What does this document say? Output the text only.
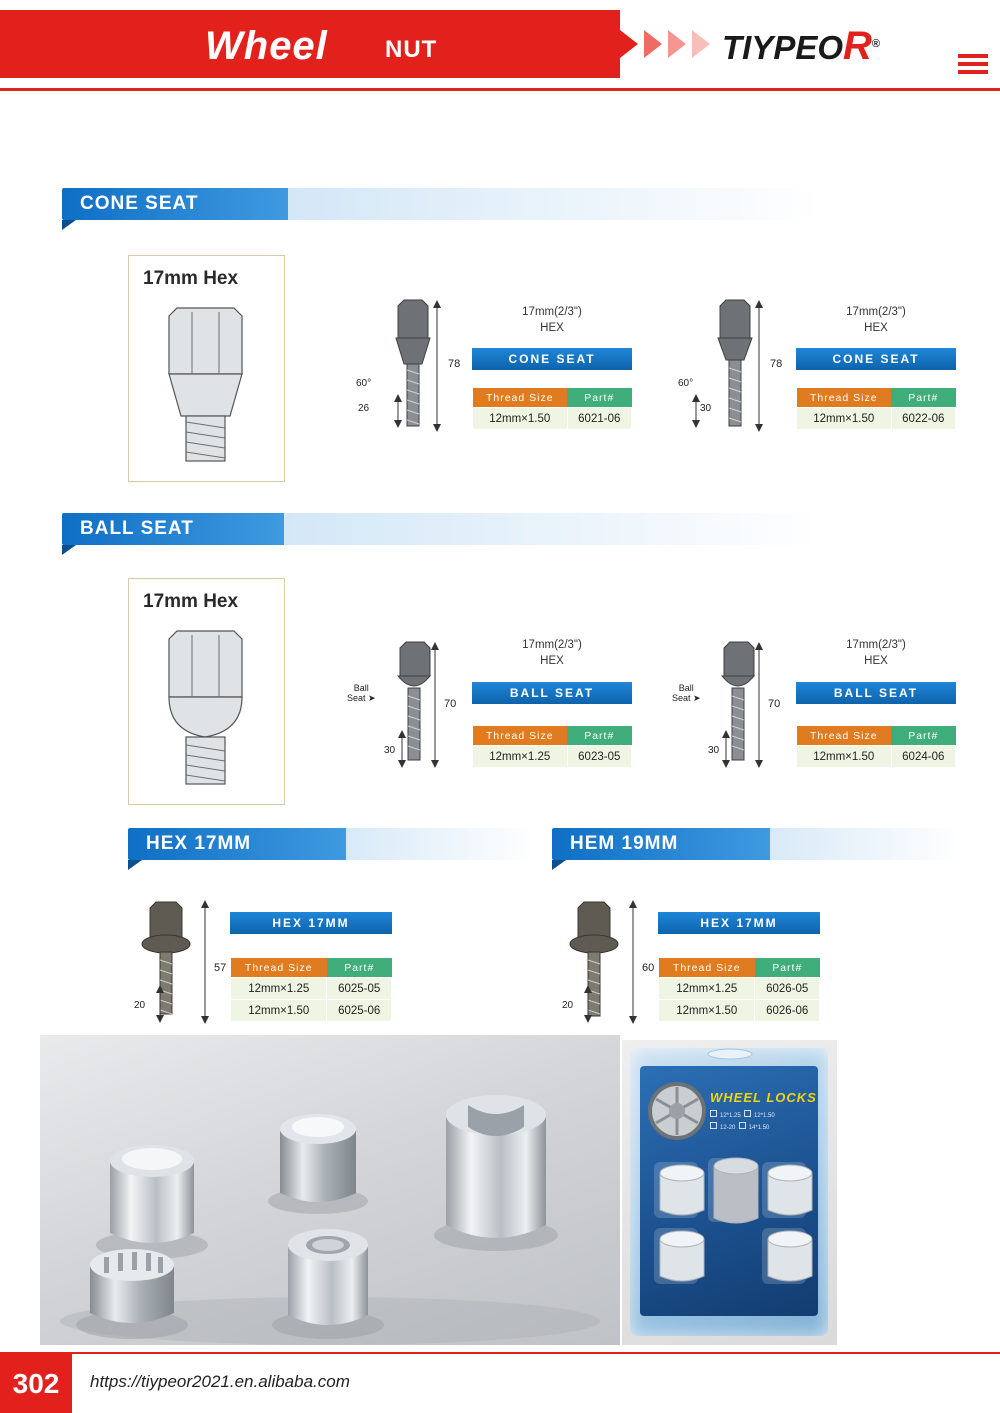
Wheel NUT	TIYPEOR®
CONE SEAT
17mm Hex
78
60°
26
17mm(2/3")
HEX
CONE SEAT
Thread Size	Part#
12mm×1.50	6021-06
78
60°
30
17mm(2/3")
HEX
CONE SEAT
Thread Size	Part#
12mm×1.50	6022-06
BALL SEAT
17mm Hex
Ball
Seat ➤
70
30
17mm(2/3")
HEX
BALL SEAT
Thread Size	Part#
12mm×1.25	6023-05
Ball
Seat ➤
70
30
17mm(2/3")
HEX
BALL SEAT
Thread Size	Part#
12mm×1.50	6024-06
HEX 17MM	HEM 19MM
57
20
HEX 17MM
Thread Size	Part#
12mm×1.25	6025-05
12mm×1.50	6025-06
60
20
HEX 17MM
Thread Size	Part#
12mm×1.25	6026-05
12mm×1.50	6026-06
WHEEL LOCKS
12*1.25 12*1.50
12-20 14*1.50
302 https://tiypeor2021.en.alibaba.com
